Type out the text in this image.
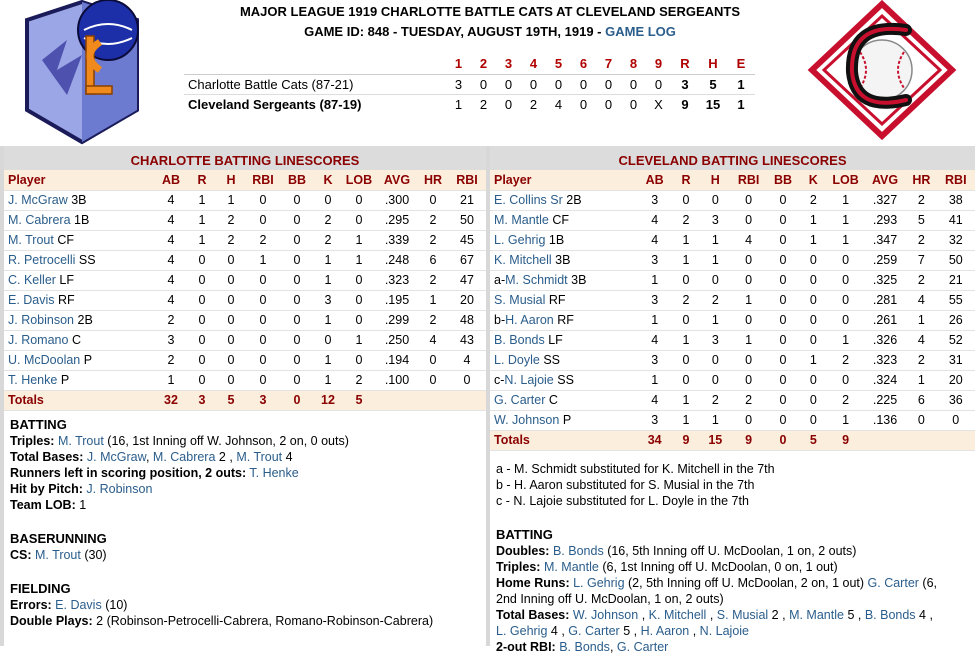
MAJOR LEAGUE 1919 CHARLOTTE BATTLE CATS AT CLEVELAND SERGEANTS
GAME ID: 848 - TUESDAY, AUGUST 19TH, 1919 - GAME LOG
	1	2	3	4	5	6	7	8	9	R	H	E
Charlotte Battle Cats (87-21)	3	0	0	0	0	0	0	0	0	3	5	1
Cleveland Sergeants (87-19)	1	2	0	2	4	0	0	0	X	9	15	1
CHARLOTTE BATTING LINESCORES
Player	AB	R	H	RBI	BB	K	LOB	AVG	HR	RBI
J. McGraw 3B	4	1	1	0	0	0	0	.300	0	21
M. Cabrera 1B	4	1	2	0	0	2	0	.295	2	50
M. Trout CF	4	1	2	2	0	2	1	.339	2	45
R. Petrocelli SS	4	0	0	1	0	1	1	.248	6	67
C. Keller LF	4	0	0	0	0	1	0	.323	2	47
E. Davis RF	4	0	0	0	0	3	0	.195	1	20
J. Robinson 2B	2	0	0	0	0	1	0	.299	2	48
J. Romano C	3	0	0	0	0	0	1	.250	4	43
U. McDoolan P	2	0	0	0	0	1	0	.194	0	4
T. Henke P	1	0	0	0	0	1	2	.100	0	0
Totals	32	3	5	3	0	12	5			
BATTING
Triples: M. Trout (16, 1st Inning off W. Johnson, 2 on, 0 outs)
Total Bases: J. McGraw, M. Cabrera 2 , M. Trout 4
Runners left in scoring position, 2 outs: T. Henke
Hit by Pitch: J. Robinson
Team LOB: 1
BASERUNNING
CS: M. Trout (30)
FIELDING
Errors: E. Davis (10)
Double Plays: 2 (Robinson-Petrocelli-Cabrera, Romano-Robinson-Cabrera)
CLEVELAND BATTING LINESCORES
Player	AB	R	H	RBI	BB	K	LOB	AVG	HR	RBI
E. Collins Sr 2B	3	0	0	0	0	2	1	.327	2	38
M. Mantle CF	4	2	3	0	0	1	1	.293	5	41
L. Gehrig 1B	4	1	1	4	0	1	1	.347	2	32
K. Mitchell 3B	3	1	1	0	0	0	0	.259	7	50
a-M. Schmidt 3B	1	0	0	0	0	0	0	.325	2	21
S. Musial RF	3	2	2	1	0	0	0	.281	4	55
b-H. Aaron RF	1	0	1	0	0	0	0	.261	1	26
B. Bonds LF	4	1	3	1	0	0	1	.326	4	52
L. Doyle SS	3	0	0	0	0	1	2	.323	2	31
c-N. Lajoie SS	1	0	0	0	0	0	0	.324	1	20
G. Carter C	4	1	2	2	0	0	2	.225	6	36
W. Johnson P	3	1	1	0	0	0	1	.136	0	0
Totals	34	9	15	9	0	5	9			
a - M. Schmidt substituted for K. Mitchell in the 7th
b - H. Aaron substituted for S. Musial in the 7th
c - N. Lajoie substituted for L. Doyle in the 7th
BATTING
Doubles: B. Bonds (16, 5th Inning off U. McDoolan, 1 on, 2 outs)
Triples: M. Mantle (6, 1st Inning off U. McDoolan, 0 on, 1 out)
Home Runs: L. Gehrig (2, 5th Inning off U. McDoolan, 2 on, 1 out) G. Carter (6,
2nd Inning off U. McDoolan, 1 on, 2 outs)
Total Bases: W. Johnson , K. Mitchell , S. Musial 2 , M. Mantle 5 , B. Bonds 4 ,
L. Gehrig 4 , G. Carter 5 , H. Aaron , N. Lajoie
2-out RBI: B. Bonds, G. Carter
